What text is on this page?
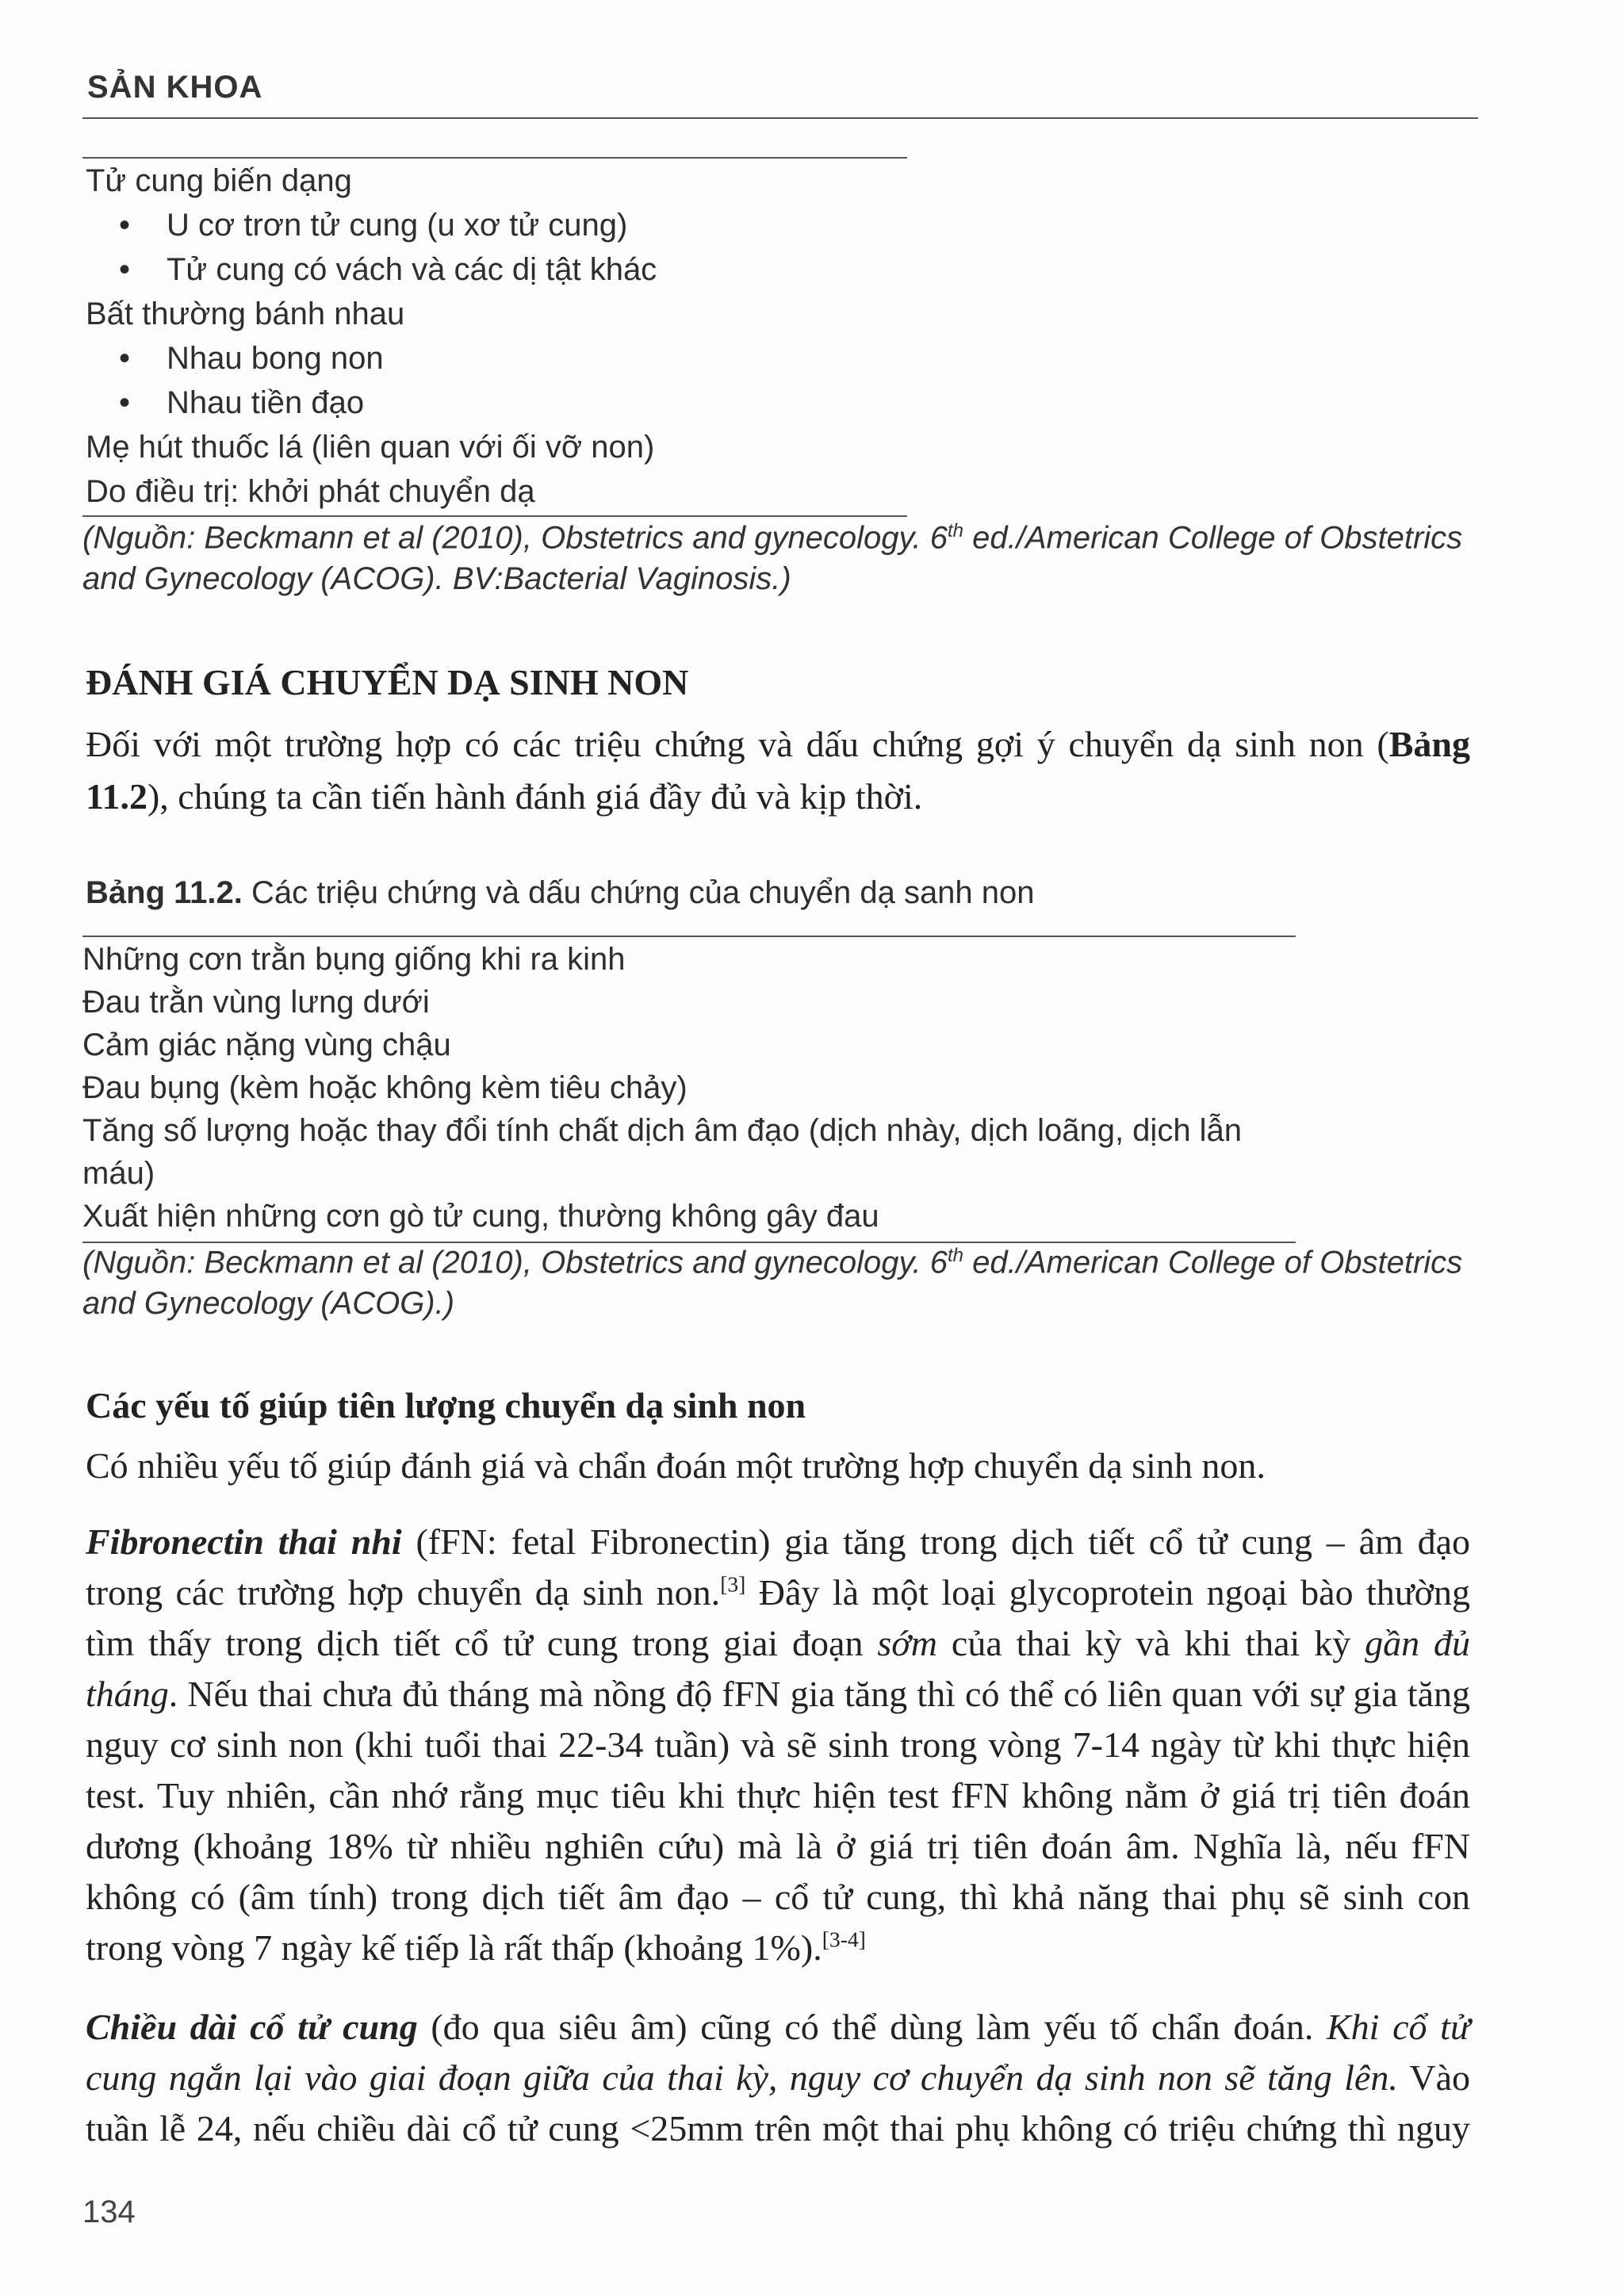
SẢN KHOA
Tử cung biến dạng
• U cơ trơn tử cung (u xơ tử cung)
• Tử cung có vách và các dị tật khác
Bất thường bánh nhau
• Nhau bong non
• Nhau tiền đạo
Mẹ hút thuốc lá (liên quan với ối vỡ non)
Do điều trị: khởi phát chuyển dạ
(Nguồn: Beckmann et al (2010), Obstetrics and gynecology. 6th ed./American College of Obstetrics
and Gynecology (ACOG). BV:Bacterial Vaginosis.)
ĐÁNH GIÁ CHUYỂN DẠ SINH NON
Đối với một trường hợp có các triệu chứng và dấu chứng gợi ý chuyển dạ sinh non (Bảng
11.2), chúng ta cần tiến hành đánh giá đầy đủ và kịp thời.
Bảng 11.2. Các triệu chứng và dấu chứng của chuyển dạ sanh non
Những cơn trằn bụng giống khi ra kinh
Đau trằn vùng lưng dưới
Cảm giác nặng vùng chậu
Đau bụng (kèm hoặc không kèm tiêu chảy)
Tăng số lượng hoặc thay đổi tính chất dịch âm đạo (dịch nhày, dịch loãng, dịch lẫn
máu)
Xuất hiện những cơn gò tử cung, thường không gây đau
(Nguồn: Beckmann et al (2010), Obstetrics and gynecology. 6th ed./American College of Obstetrics
and Gynecology (ACOG).)
Các yếu tố giúp tiên lượng chuyển dạ sinh non
Có nhiều yếu tố giúp đánh giá và chẩn đoán một trường hợp chuyển dạ sinh non.
Fibronectin thai nhi (fFN: fetal Fibronectin) gia tăng trong dịch tiết cổ tử cung – âm đạo
trong các trường hợp chuyển dạ sinh non.[3] Đây là một loại glycoprotein ngoại bào thường
tìm thấy trong dịch tiết cổ tử cung trong giai đoạn sớm của thai kỳ và khi thai kỳ gần đủ
tháng. Nếu thai chưa đủ tháng mà nồng độ fFN gia tăng thì có thể có liên quan với sự gia tăng
nguy cơ sinh non (khi tuổi thai 22-34 tuần) và sẽ sinh trong vòng 7-14 ngày từ khi thực hiện
test. Tuy nhiên, cần nhớ rằng mục tiêu khi thực hiện test fFN không nằm ở giá trị tiên đoán
dương (khoảng 18% từ nhiều nghiên cứu) mà là ở giá trị tiên đoán âm. Nghĩa là, nếu fFN
không có (âm tính) trong dịch tiết âm đạo – cổ tử cung, thì khả năng thai phụ sẽ sinh con
trong vòng 7 ngày kế tiếp là rất thấp (khoảng 1%).[3-4]
Chiều dài cổ tử cung (đo qua siêu âm) cũng có thể dùng làm yếu tố chẩn đoán. Khi cổ tử
cung ngắn lại vào giai đoạn giữa của thai kỳ, nguy cơ chuyển dạ sinh non sẽ tăng lên. Vào
tuần lễ 24, nếu chiều dài cổ tử cung <25mm trên một thai phụ không có triệu chứng thì nguy
134
